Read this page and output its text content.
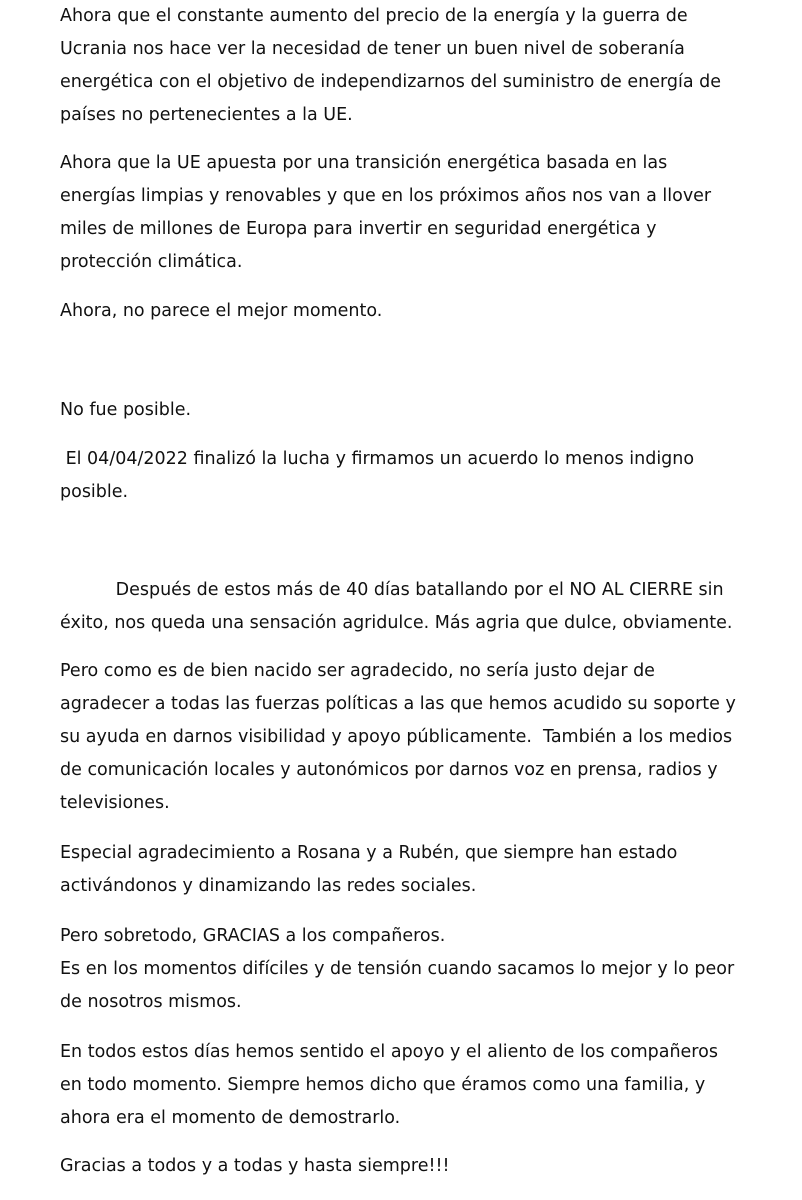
Ahora que el constante aumento del precio de la energía y la guerra de

Ucrania nos hace ver la necesidad de tener un buen nivel de soberanía

energética con el objetivo de independizarnos del suministro de energía de

países no pertenecientes a la UE.

Ahora que la UE apuesta por una transición energética basada en las

energías limpias y renovables y que en los próximos años nos van a llover

miles de millones de Europa para invertir en seguridad energética y

protección climática.

Ahora, no parece el mejor momento.

No fue posible.

El 04/04/2022 finalizó la lucha y firmamos un acuerdo lo menos indigno

posible.

Después de estos más de 40 días batallando por el NO AL CIERRE sin

éxito, nos queda una sensación agridulce. Más agria que dulce, obviamente.

Pero como es de bien nacido ser agradecido, no sería justo dejar de

agradecer a todas las fuerzas políticas a las que hemos acudido su soporte y

su ayuda en darnos visibilidad y apoyo públicamente.  También a los medios

de comunicación locales y autonómicos por darnos voz en prensa, radios y

televisiones.

Especial agradecimiento a Rosana y a Rubén, que siempre han estado

activándonos y dinamizando las redes sociales.

Pero sobretodo, GRACIAS a los compañeros.

Es en los momentos difíciles y de tensión cuando sacamos lo mejor y lo peor

de nosotros mismos.

En todos estos días hemos sentido el apoyo y el aliento de los compañeros

en todo momento. Siempre hemos dicho que éramos como una familia, y

ahora era el momento de demostrarlo.

Gracias a todos y a todas y hasta siempre!!!
